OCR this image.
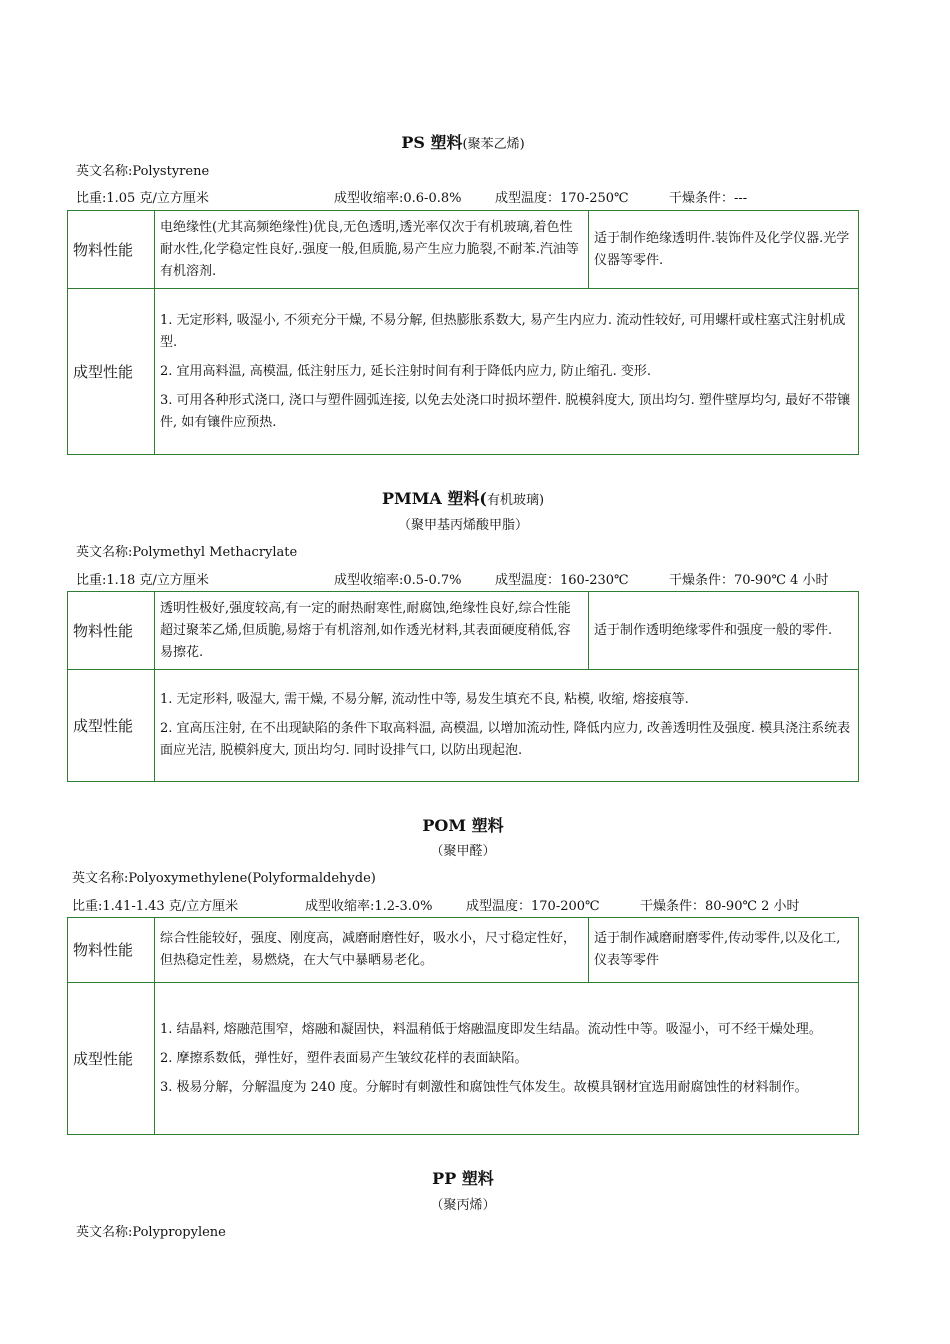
PS 塑料(聚苯乙烯)
英文名称:Polystyrene
比重:1.05 克/立方厘米	成型收缩率:0.6-0.8%	成型温度：170-250℃	干燥条件：---
物料性能	电绝缘性(尤其高频绝缘性)优良,无色透明,透光率仅次于有机玻璃,着色性耐水性,化学稳定性良好,.强度一般,但质脆,易产生应力脆裂,不耐苯.汽油等有机溶剂.	适于制作绝缘透明件.装饰件及化学仪器.光学仪器等零件.
成型性能	1. 无定形料, 吸湿小, 不须充分干燥, 不易分解, 但热膨胀系数大, 易产生内应力. 流动性较好, 可用螺杆或柱塞式注射机成型.
2. 宜用高料温, 高模温, 低注射压力, 延长注射时间有利于降低内应力, 防止缩孔. 变形.
3. 可用各种形式浇口, 浇口与塑件圆弧连接, 以免去处浇口时损坏塑件. 脱模斜度大, 顶出均匀. 塑件壁厚均匀, 最好不带镶件, 如有镶件应预热.	
PMMA 塑料(有机玻璃)
（聚甲基丙烯酸甲脂）
英文名称:Polymethyl Methacrylate
比重:1.18 克/立方厘米	成型收缩率:0.5-0.7%	成型温度：160-230℃	干燥条件：70-90℃ 4 小时
物料性能	透明性极好,强度较高,有一定的耐热耐寒性,耐腐蚀,绝缘性良好,综合性能超过聚苯乙烯,但质脆,易熔于有机溶剂,如作透光材料,其表面硬度稍低,容易擦花.	适于制作透明绝缘零件和强度一般的零件.
成型性能	1. 无定形料, 吸湿大, 需干燥, 不易分解, 流动性中等, 易发生填充不良, 粘模, 收缩, 熔接痕等.
2. 宜高压注射, 在不出现缺陷的条件下取高料温, 高模温, 以增加流动性, 降低内应力, 改善透明性及强度. 模具浇注系统表面应光洁, 脱模斜度大, 顶出均匀. 同时设排气口, 以防出现起泡.	
POM 塑料
（聚甲醛）
英文名称:Polyoxymethylene(Polyformaldehyde)
比重:1.41-1.43 克/立方厘米	成型收缩率:1.2-3.0%	成型温度：170-200℃	干燥条件：80-90℃ 2 小时
物料性能	综合性能较好，强度、刚度高，减磨耐磨性好，吸水小，尺寸稳定性好，但热稳定性差，易燃烧，在大气中暴晒易老化。	适于制作减磨耐磨零件,传动零件,以及化工,仪表等零件
成型性能	1. 结晶料, 熔融范围窄，熔融和凝固快，料温稍低于熔融温度即发生结晶。流动性中等。吸湿小，可不经干燥处理。
2. 摩擦系数低，弹性好，塑件表面易产生皱纹花样的表面缺陷。
3. 极易分解，分解温度为 240 度。分解时有刺激性和腐蚀性气体发生。故模具钢材宜选用耐腐蚀性的材料制作。	
PP 塑料
（聚丙烯）
英文名称:Polypropylene
